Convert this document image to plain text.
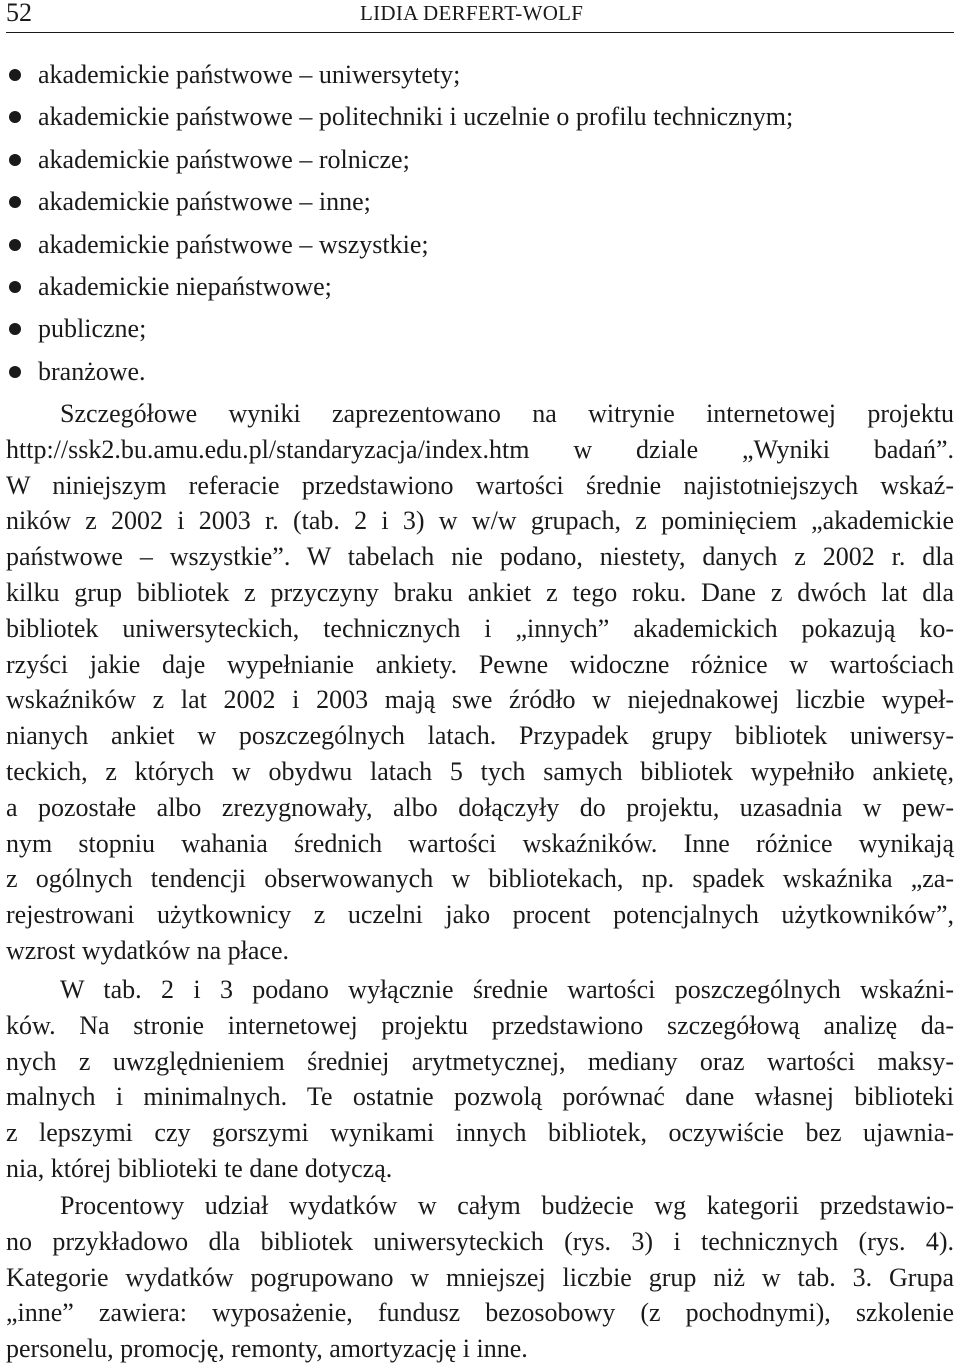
52	LIDIA DERFERT-WOLF
akademickie państwowe – uniwersytety;
akademickie państwowe – politechniki i uczelnie o profilu technicznym;
akademickie państwowe – rolnicze;
akademickie państwowe – inne;
akademickie państwowe – wszystkie;
akademickie niepaństwowe;
publiczne;
branżowe.
Szczegółowe wyniki zaprezentowano na witrynie internetowej projektu
http://ssk2.bu.amu.edu.pl/standaryzacja/index.htm w dziale „Wyniki badań”.
W niniejszym referacie przedstawiono wartości średnie najistotniejszych wskaź-
ników z 2002 i 2003 r. (tab. 2 i 3) w w/w grupach, z pominięciem „akademickie
państwowe – wszystkie”. W tabelach nie podano, niestety, danych z 2002 r. dla
kilku grup bibliotek z przyczyny braku ankiet z tego roku. Dane z dwóch lat dla
bibliotek uniwersyteckich, technicznych i „innych” akademickich pokazują ko-
rzyści jakie daje wypełnianie ankiety. Pewne widoczne różnice w wartościach
wskaźników z lat 2002 i 2003 mają swe źródło w niejednakowej liczbie wypeł-
nianych ankiet w poszczególnych latach. Przypadek grupy bibliotek uniwersy-
teckich, z których w obydwu latach 5 tych samych bibliotek wypełniło ankietę,
a pozostałe albo zrezygnowały, albo dołączyły do projektu, uzasadnia w pew-
nym stopniu wahania średnich wartości wskaźników. Inne różnice wynikają
z ogólnych tendencji obserwowanych w bibliotekach, np. spadek wskaźnika „za-
rejestrowani użytkownicy z uczelni jako procent potencjalnych użytkowników”,
wzrost wydatków na płace.
W tab. 2 i 3 podano wyłącznie średnie wartości poszczególnych wskaźni-
ków. Na stronie internetowej projektu przedstawiono szczegółową analizę da-
nych z uwzględnieniem średniej arytmetycznej, mediany oraz wartości maksy-
malnych i minimalnych. Te ostatnie pozwolą porównać dane własnej biblioteki
z lepszymi czy gorszymi wynikami innych bibliotek, oczywiście bez ujawnia-
nia, której biblioteki te dane dotyczą.
Procentowy udział wydatków w całym budżecie wg kategorii przedstawio-
no przykładowo dla bibliotek uniwersyteckich (rys. 3) i technicznych (rys. 4).
Kategorie wydatków pogrupowano w mniejszej liczbie grup niż w tab. 3. Grupa
„inne” zawiera: wyposażenie, fundusz bezosobowy (z pochodnymi), szkolenie
personelu, promocję, remonty, amortyzację i inne.
